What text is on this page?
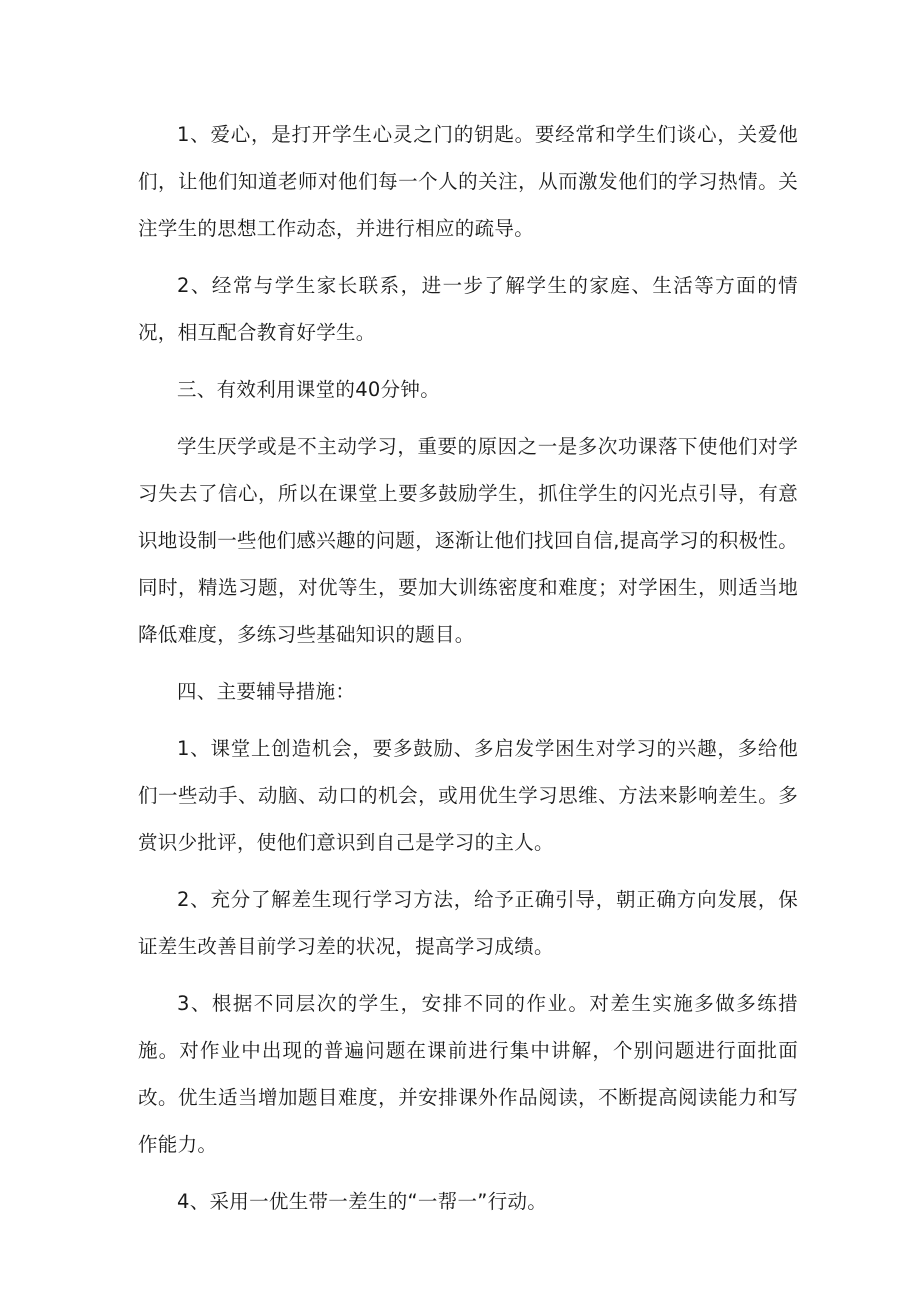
1、爱心，是打开学生心灵之门的钥匙。要经常和学生们谈心，关爱他们，让他们知道老师对他们每一个人的关注，从而激发他们的学习热情。关注学生的思想工作动态，并进行相应的疏导。

2、经常与学生家长联系，进一步了解学生的家庭、生活等方面的情况，相互配合教育好学生。

三、有效利用课堂的40分钟。

学生厌学或是不主动学习，重要的原因之一是多次功课落下使他们对学习失去了信心，所以在课堂上要多鼓励学生，抓住学生的闪光点引导，有意识地设制一些他们感兴趣的问题，逐渐让他们找回自信,提高学习的积极性。同时，精选习题，对优等生，要加大训练密度和难度；对学困生，则适当地降低难度，多练习些基础知识的题目。

四、主要辅导措施：

1、课堂上创造机会，要多鼓励、多启发学困生对学习的兴趣，多给他们一些动手、动脑、动口的机会，或用优生学习思维、方法来影响差生。多赏识少批评，使他们意识到自己是学习的主人。

2、充分了解差生现行学习方法，给予正确引导，朝正确方向发展，保证差生改善目前学习差的状况，提高学习成绩。

3、根据不同层次的学生，安排不同的作业。对差生实施多做多练措施。对作业中出现的普遍问题在课前进行集中讲解，个别问题进行面批面改。优生适当增加题目难度，并安排课外作品阅读，不断提高阅读能力和写作能力。

4、采用一优生带一差生的“一帮一”行动。
